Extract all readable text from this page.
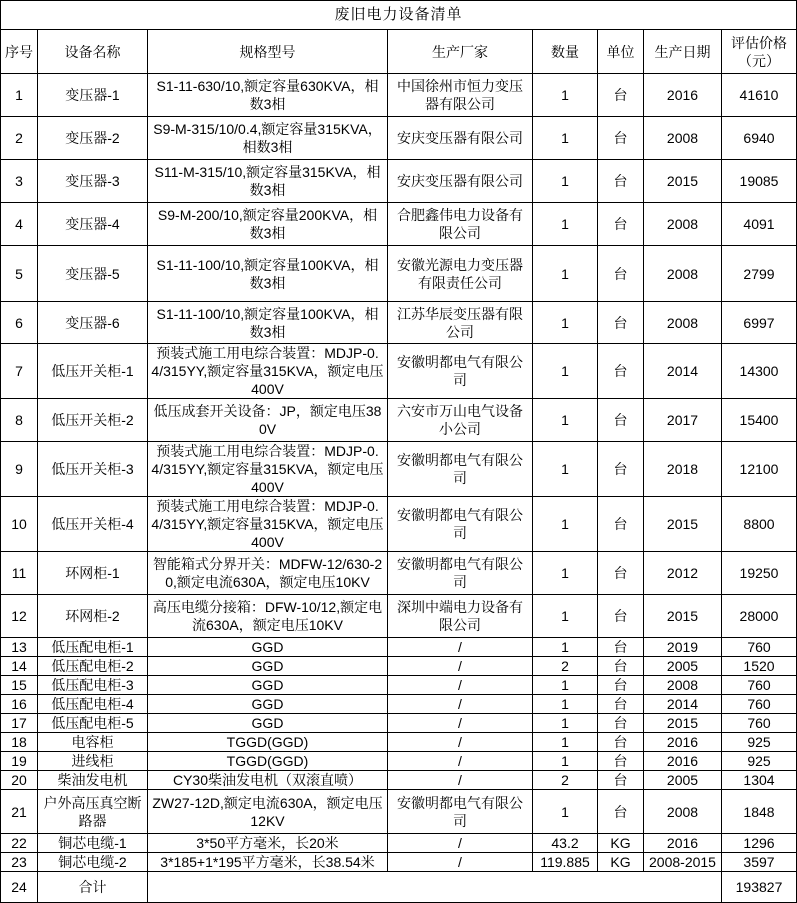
废旧电力设备清单							
序号	设备名称	规格型号	生产厂家	数量	单位	生产日期	评估价格（元）
1	变压器-1	S1-11-630/10,额定容量630KVA，相数3相	中国徐州市恒力变压器有限公司	1	台	2016	41610
2	变压器-2	S9-M-315/10/0.4,额定容量315KVA，相数3相	安庆变压器有限公司	1	台	2008	6940
3	变压器-3	S11-M-315/10,额定容量315KVA，相数3相	安庆变压器有限公司	1	台	2015	19085
4	变压器-4	S9-M-200/10,额定容量200KVA，相数3相	合肥鑫伟电力设备有限公司	1	台	2008	4091
5	变压器-5	S1-11-100/10,额定容量100KVA，相数3相	安徽光源电力变压器有限责任公司	1	台	2008	2799
6	变压器-6	S1-11-100/10,额定容量100KVA，相数3相	江苏华辰变压器有限公司	1	台	2008	6997
7	低压开关柜-1	预装式施工用电综合装置：MDJP-0.4/315YY,额定容量315KVA，额定电压400V	安徽明都电气有限公司	1	台	2014	14300
8	低压开关柜-2	低压成套开关设备：JP，额定电压380V	六安市万山电气设备小公司	1	台	2017	15400
9	低压开关柜-3	预装式施工用电综合装置：MDJP-0.4/315YY,额定容量315KVA，额定电压400V	安徽明都电气有限公司	1	台	2018	12100
10	低压开关柜-4	预装式施工用电综合装置：MDJP-0.4/315YY,额定容量315KVA，额定电压400V	安徽明都电气有限公司	1	台	2015	8800
11	环网柜-1	智能箱式分界开关：MDFW-12/630-20,额定电流630A，额定电压10KV	安徽明都电气有限公司	1	台	2012	19250
12	环网柜-2	高压电缆分接箱：DFW-10/12,额定电流630A，额定电压10KV	深圳中端电力设备有限公司	1	台	2015	28000
13	低压配电柜-1	GGD	/	1	台	2019	760
14	低压配电柜-2	GGD	/	2	台	2005	1520
15	低压配电柜-3	GGD	/	1	台	2008	760
16	低压配电柜-4	GGD	/	1	台	2014	760
17	低压配电柜-5	GGD	/	1	台	2015	760
18	电容柜	TGGD(GGD)	/	1	台	2016	925
19	进线柜	TGGD(GGD)	/	1	台	2016	925
20	柴油发电机	CY30柴油发电机（双滚直喷）	/	2	台	2005	1304
21	户外高压真空断路器	ZW27-12D,额定电流630A，额定电压12KV	安徽明都电气有限公司	1	台	2008	1848
22	铜芯电缆-1	3*50平方毫米，长20米	/	43.2	KG	2016	1296
23	铜芯电缆-2	3*185+1*195平方毫米，长38.54米	/	119.885	KG	2008-2015	3597
24	合计						193827
